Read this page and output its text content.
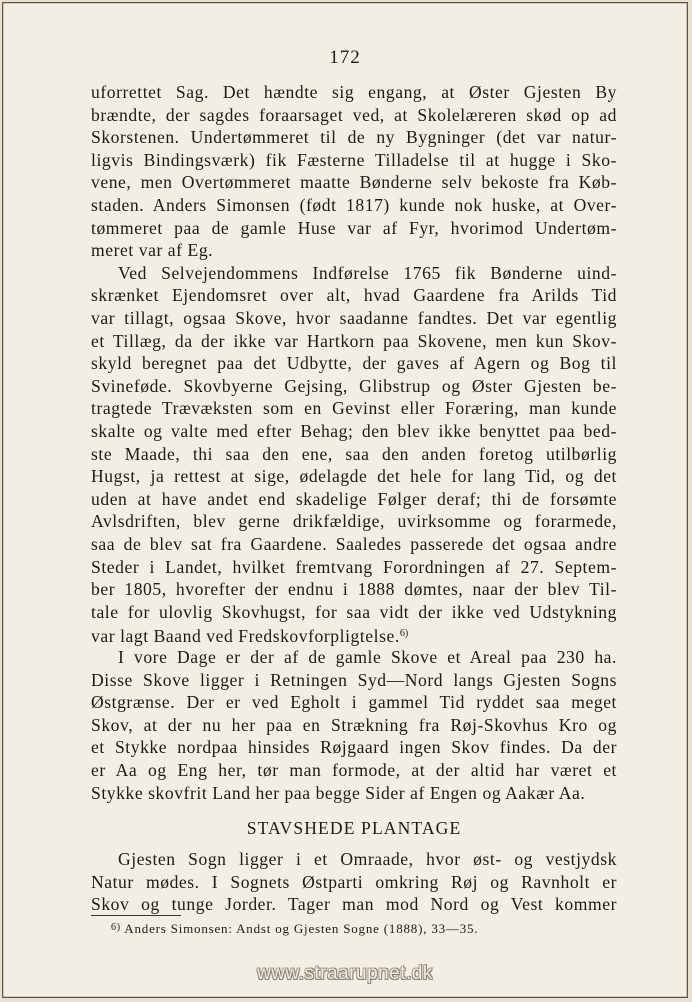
172
uforrettet Sag. Det hændte sig engang, at Øster Gjesten By
brændte, der sagdes foraarsaget ved, at Skolelæreren skød op ad
Skorstenen. Undertømmeret til de ny Bygninger (det var natur-
ligvis Bindingsværk) fik Fæsterne Tilladelse til at hugge i Sko-
vene, men Overtømmeret maatte Bønderne selv bekoste fra Køb-
staden. Anders Simonsen (født 1817) kunde nok huske, at Over-
tømmeret paa de gamle Huse var af Fyr, hvorimod Undertøm-
meret var af Eg.
Ved Selvejendommens Indførelse 1765 fik Bønderne uind-
skrænket Ejendomsret over alt, hvad Gaardene fra Arilds Tid
var tillagt, ogsaa Skove, hvor saadanne fandtes. Det var egentlig
et Tillæg, da der ikke var Hartkorn paa Skovene, men kun Skov-
skyld beregnet paa det Udbytte, der gaves af Agern og Bog til
Svineføde. Skovbyerne Gejsing, Glibstrup og Øster Gjesten be-
tragtede Trævæksten som en Gevinst eller Foræring, man kunde
skalte og valte med efter Behag; den blev ikke benyttet paa bed-
ste Maade, thi saa den ene, saa den anden foretog utilbørlig
Hugst, ja rettest at sige, ødelagde det hele for lang Tid, og det
uden at have andet end skadelige Følger deraf; thi de forsømte
Avlsdriften, blev gerne drikfældige, uvirksomme og forarmede,
saa de blev sat fra Gaardene. Saaledes passerede det ogsaa andre
Steder i Landet, hvilket fremtvang Forordningen af 27. Septem-
ber 1805, hvorefter der endnu i 1888 dømtes, naar der blev Til-
tale for ulovlig Skovhugst, for saa vidt der ikke ved Udstykning
var lagt Baand ved Fredskovforpligtelse.$^{6)}$
I vore Dage er der af de gamle Skove et Areal paa 230 ha.
Disse Skove ligger i Retningen Syd—Nord langs Gjesten Sogns
Østgrænse. Der er ved Egholt i gammel Tid ryddet saa meget
Skov, at der nu her paa en Strækning fra Røj-Skovhus Kro og
et Stykke nordpaa hinsides Røjgaard ingen Skov findes. Da der
er Aa og Eng her, tør man formode, at der altid har været et
Stykke skovfrit Land her paa begge Sider af Engen og Aakær Aa.
STAVSHEDE PLANTAGE
Gjesten Sogn ligger i et Omraade, hvor øst- og vestjydsk
Natur mødes. I Sognets Østparti omkring Røj og Ravnholt er
Skov og tunge Jorder. Tager man mod Nord og Vest kommer
$^{6)}$ Anders Simonsen: Andst og Gjesten Sogne (1888), 33—35.
www.straarupnet.dk
